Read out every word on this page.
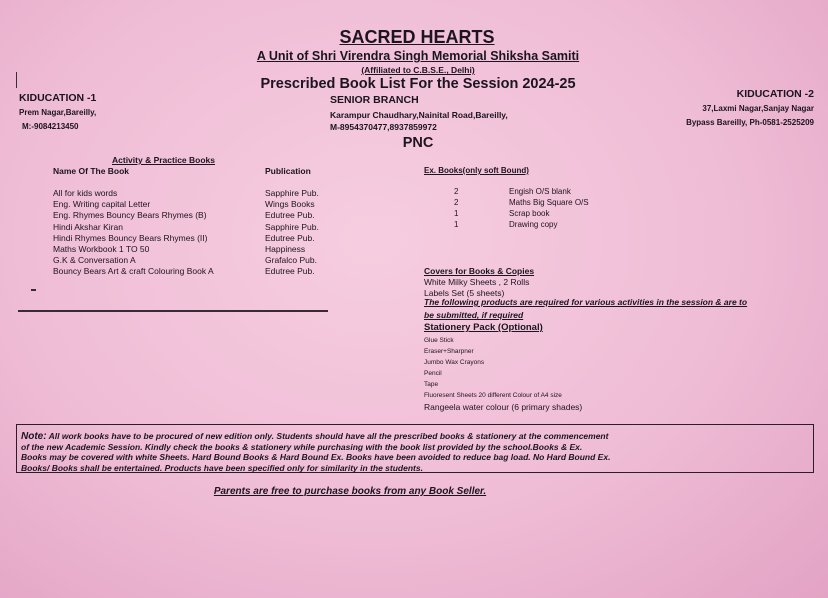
SACRED HEARTS
A Unit of Shri Virendra Singh Memorial Shiksha Samiti
(Affiliated to C.B.S.E., Delhi)
Prescribed Book List For the Session 2024-25
SENIOR BRANCH
Karampur Chaudhary,Nainital Road,Bareilly,
M-8954370477,8937859972
PNC
KIDUCATION -1
Prem Nagar,Bareilly,
M:-9084213450
KIDUCATION -2
37,Laxmi Nagar,Sanjay Nagar
Bypass Bareilly, Ph-0581-2525209
Activity & Practice Books
Name Of The Book	Publication
All for kids words	Sapphire Pub.
Eng. Writing capital Letter	Wings Books
Eng. Rhymes Bouncy Bears Rhymes (B)	Edutree Pub.
Hindi Akshar Kiran	Sapphire Pub.
Hindi Rhymes Bouncy Bears Rhymes (II)	Edutree Pub.
Maths Workbook 1 TO 50	Happiness
G.K & Conversation A	Grafalco Pub.
Bouncy Bears Art & craft Colouring Book A	Edutree Pub.
Ex. Books(only soft Bound)
2	Engish O/S blank
2	Maths Big Square O/S
1	Scrap book
1	Drawing copy
Covers for Books & Copies
White Milky Sheets , 2 Rolls
Labels Set (5 sheets)
The following products are required for various activities in the session & are to
be submitted, if required
Stationery Pack (Optional)
Glue Stick
Eraser+Sharpner
Jumbo Wax Crayons
Pencil
Tape
Fluoresent Sheets 20 different Colour of A4 size
Rangeela water colour (6 primary shades)
Note: All work books have to be procured of new edition only. Students should have all the prescribed books & stationery at the commencement
of the new Academic Session. Kindly check the books & stationery while purchasing with the book list provided by the school.Books & Ex.
Books may be covered with white Sheets. Hard Bound Books & Hard Bound Ex. Books have been avoided to reduce bag load. No Hard Bound Ex.
Books/ Books shall be entertained. Products have been specified only for similarity in the students.
Parents are free to purchase books from any Book Seller.
